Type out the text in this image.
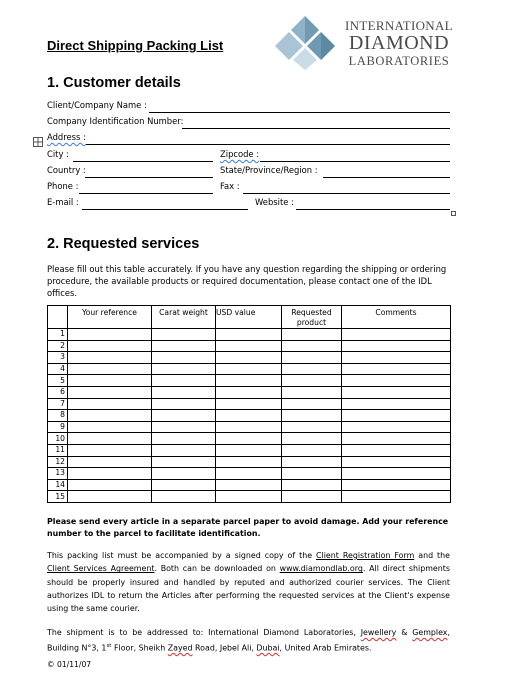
Direct Shipping Packing List
INTERNATIONAL
DIAMOND
LABORATORIES
1. Customer details
Client/Company Name :
Company Identification Number:
Address :
City :	Zipcode :
Country :	State/Province/Region :
Phone :	Fax :
E-mail :	Website :
2. Requested services
Please fill out this table accurately. If you have any question regarding the shipping or ordering procedure, the available products or required documentation, please contact one of the IDL offices.
	Your reference	Carat weight	USD value	Requested product	Comments
1					
2					
3					
4					
5					
6					
7					
8					
9					
10					
11					
12					
13					
14					
15					
Please send every article in a separate parcel paper to avoid damage. Add your reference number to the parcel to facilitate identification.
This packing list must be accompanied by a signed copy of the Client Registration Form and the Client Services Agreement. Both can be downloaded on www.diamondlab.org. All direct shipments should be properly insured and handled by reputed and authorized courier services. The Client authorizes IDL to return the Articles after performing the requested services at the Client's expense using the same courier.
The shipment is to be addressed to: International Diamond Laboratories, Jewellery & Gemplex, Building N°3, 1st Floor, Sheikh Zayed Road, Jebel Ali, Dubai, United Arab Emirates.
© 01/11/07
